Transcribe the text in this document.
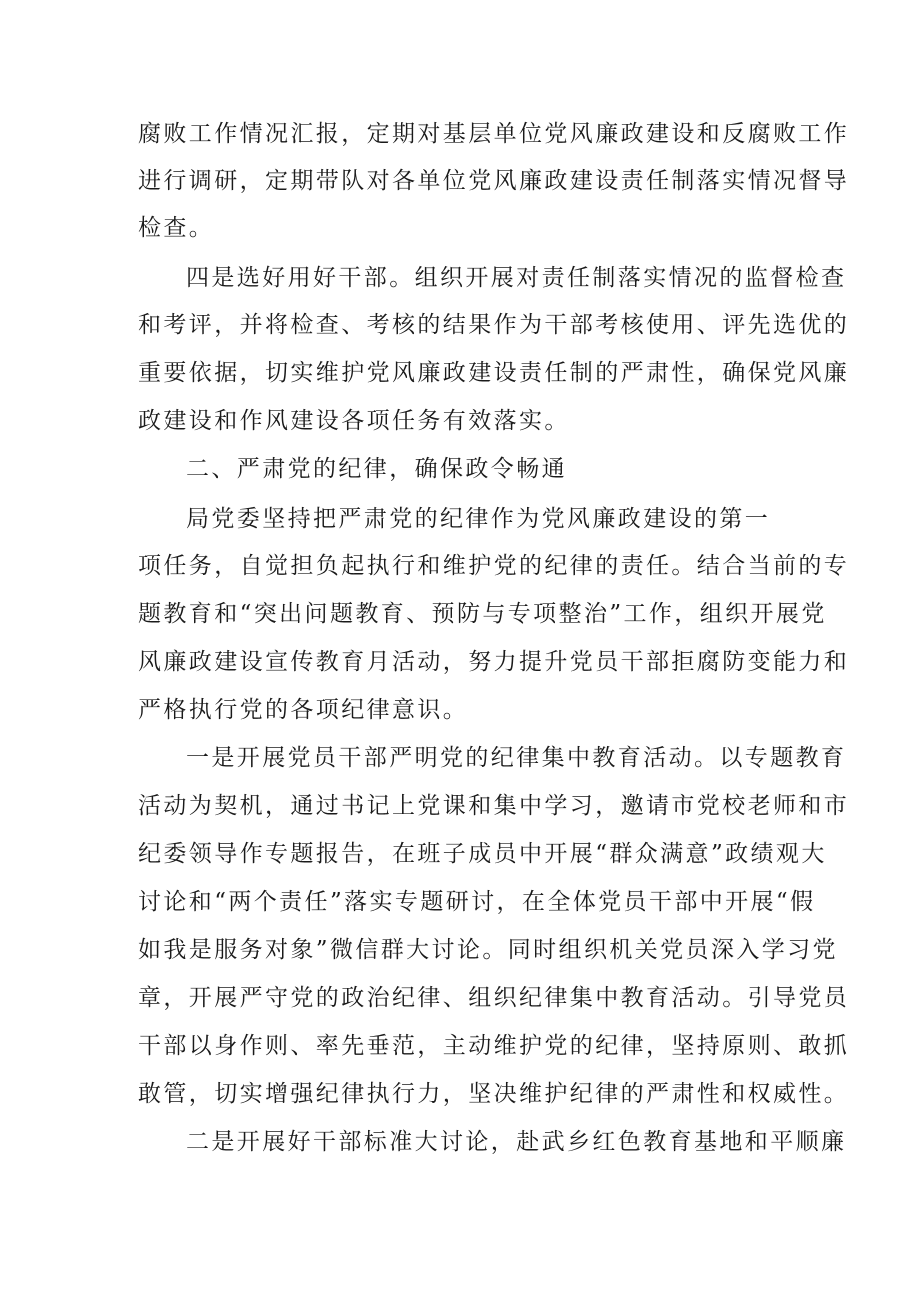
腐败工作情况汇报，定期对基层单位党风廉政建设和反腐败工作
进行调研，定期带队对各单位党风廉政建设责任制落实情况督导
检查。
四是选好用好干部。组织开展对责任制落实情况的监督检查
和考评，并将检查、考核的结果作为干部考核使用、评先选优的
重要依据，切实维护党风廉政建设责任制的严肃性，确保党风廉
政建设和作风建设各项任务有效落实。
二、严肃党的纪律，确保政令畅通
局党委坚持把严肃党的纪律作为党风廉政建设的第一
项任务，自觉担负起执行和维护党的纪律的责任。结合当前的专
题教育和“突出问题教育、预防与专项整治”工作，组织开展党
风廉政建设宣传教育月活动，努力提升党员干部拒腐防变能力和
严格执行党的各项纪律意识。
一是开展党员干部严明党的纪律集中教育活动。以专题教育
活动为契机，通过书记上党课和集中学习，邀请市党校老师和市
纪委领导作专题报告，在班子成员中开展“群众满意”政绩观大
讨论和“两个责任”落实专题研讨，在全体党员干部中开展“假
如我是服务对象”微信群大讨论。同时组织机关党员深入学习党
章，开展严守党的政治纪律、组织纪律集中教育活动。引导党员
干部以身作则、率先垂范，主动维护党的纪律，坚持原则、敢抓
敢管，切实增强纪律执行力，坚决维护纪律的严肃性和权威性。
二是开展好干部标准大讨论，赴武乡红色教育基地和平顺廉
